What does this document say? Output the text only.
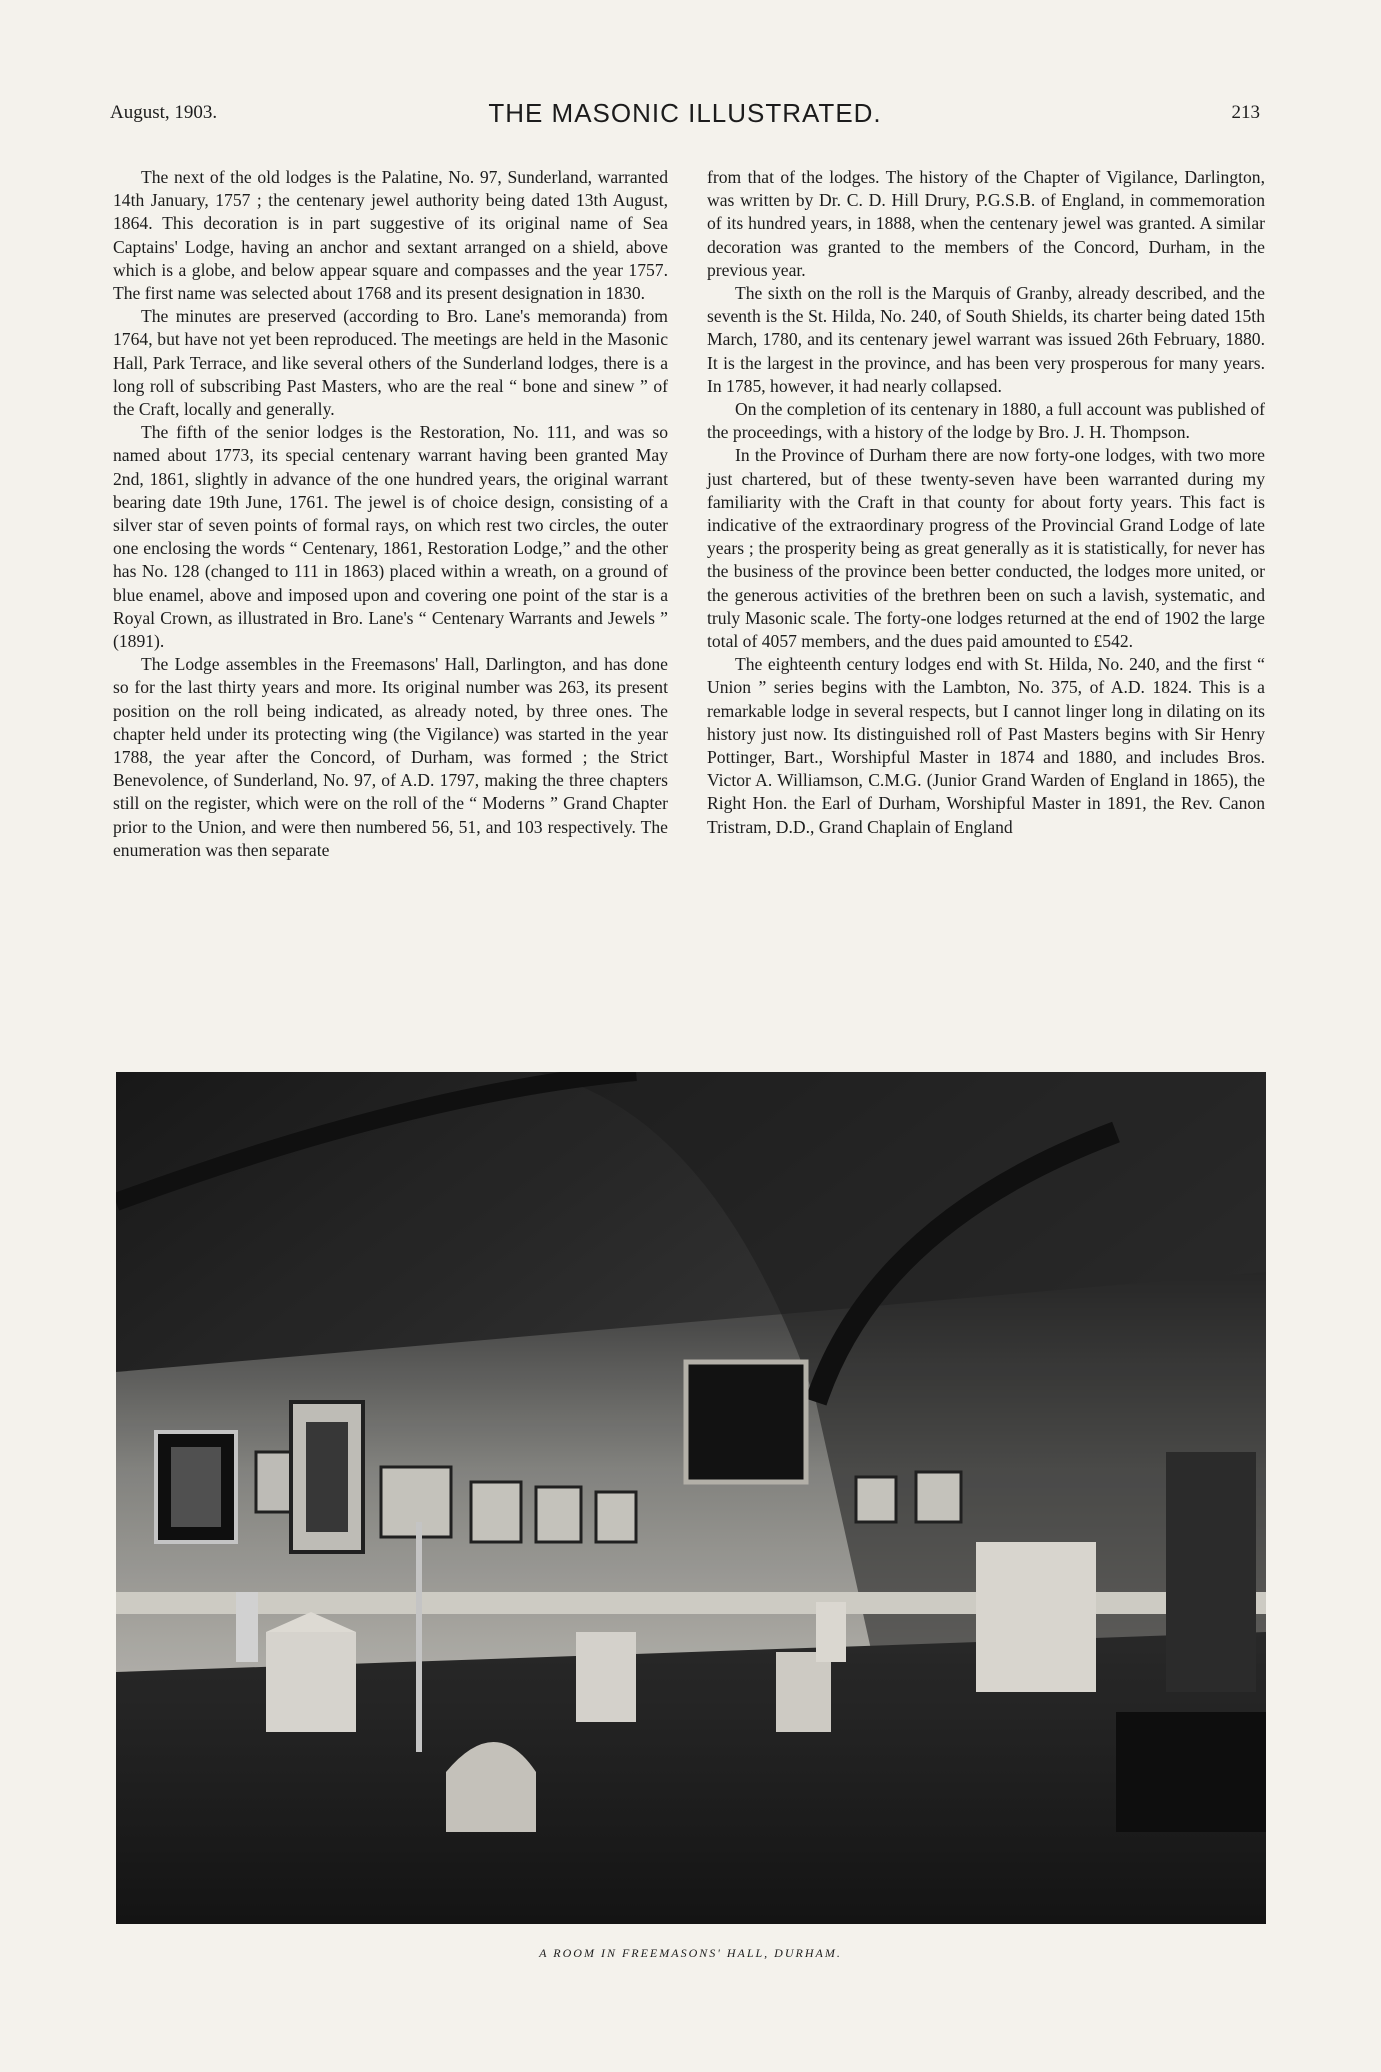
August, 1903.	THE MASONIC ILLUSTRATED.	213

The next of the old lodges is the Palatine, No. 97, Sunderland, warranted 14th January, 1757 ; the centenary jewel authority being dated 13th August, 1864. This decoration is in part suggestive of its original name of Sea Captains' Lodge, having an anchor and sextant arranged on a shield, above which is a globe, and below appear square and compasses and the year 1757. The first name was selected about 1768 and its present designation in 1830.

The minutes are preserved (according to Bro. Lane's memoranda) from 1764, but have not yet been reproduced. The meetings are held in the Masonic Hall, Park Terrace, and like several others of the Sunderland lodges, there is a long roll of subscribing Past Masters, who are the real “ bone and sinew ” of the Craft, locally and generally.

The fifth of the senior lodges is the Restoration, No. 111, and was so named about 1773, its special centenary warrant having been granted May 2nd, 1861, slightly in advance of the one hundred years, the original warrant bearing date 19th June, 1761. The jewel is of choice design, consisting of a silver star of seven points of formal rays, on which rest two circles, the outer one enclosing the words “ Centenary, 1861, Restoration Lodge,” and the other has No. 128 (changed to 111 in 1863) placed within a wreath, on a ground of blue enamel, above and imposed upon and covering one point of the star is a Royal Crown, as illustrated in Bro. Lane's “ Centenary Warrants and Jewels ” (1891).

The Lodge assembles in the Freemasons' Hall, Darlington, and has done so for the last thirty years and more. Its original number was 263, its present position on the roll being indicated, as already noted, by three ones. The chapter held under its protecting wing (the Vigilance) was started in the year 1788, the year after the Concord, of Durham, was formed ; the Strict Benevolence, of Sunderland, No. 97, of A.D. 1797, making the three chapters still on the register, which were on the roll of the “ Moderns ” Grand Chapter prior to the Union, and were then numbered 56, 51, and 103 respectively. The enumeration was then separate

from that of the lodges. The history of the Chapter of Vigilance, Darlington, was written by Dr. C. D. Hill Drury, P.G.S.B. of England, in commemoration of its hundred years, in 1888, when the centenary jewel was granted. A similar decoration was granted to the members of the Concord, Durham, in the previous year.

The sixth on the roll is the Marquis of Granby, already described, and the seventh is the St. Hilda, No. 240, of South Shields, its charter being dated 15th March, 1780, and its centenary jewel warrant was issued 26th February, 1880. It is the largest in the province, and has been very prosperous for many years. In 1785, however, it had nearly collapsed.

On the completion of its centenary in 1880, a full account was published of the proceedings, with a history of the lodge by Bro. J. H. Thompson.

In the Province of Durham there are now forty-one lodges, with two more just chartered, but of these twenty-seven have been warranted during my familiarity with the Craft in that county for about forty years. This fact is indicative of the extraordinary progress of the Provincial Grand Lodge of late years ; the prosperity being as great generally as it is statistically, for never has the business of the province been better conducted, the lodges more united, or the generous activities of the brethren been on such a lavish, systematic, and truly Masonic scale. The forty-one lodges returned at the end of 1902 the large total of 4057 members, and the dues paid amounted to £542.

The eighteenth century lodges end with St. Hilda, No. 240, and the first “ Union ” series begins with the Lambton, No. 375, of A.D. 1824. This is a remarkable lodge in several respects, but I cannot linger long in dilating on its history just now. Its distinguished roll of Past Masters begins with Sir Henry Pottinger, Bart., Worshipful Master in 1874 and 1880, and includes Bros. Victor A. Williamson, C.M.G. (Junior Grand Warden of England in 1865), the Right Hon. the Earl of Durham, Worshipful Master in 1891, the Rev. Canon Tristram, D.D., Grand Chaplain of England

A ROOM IN FREEMASONS' HALL, DURHAM.
